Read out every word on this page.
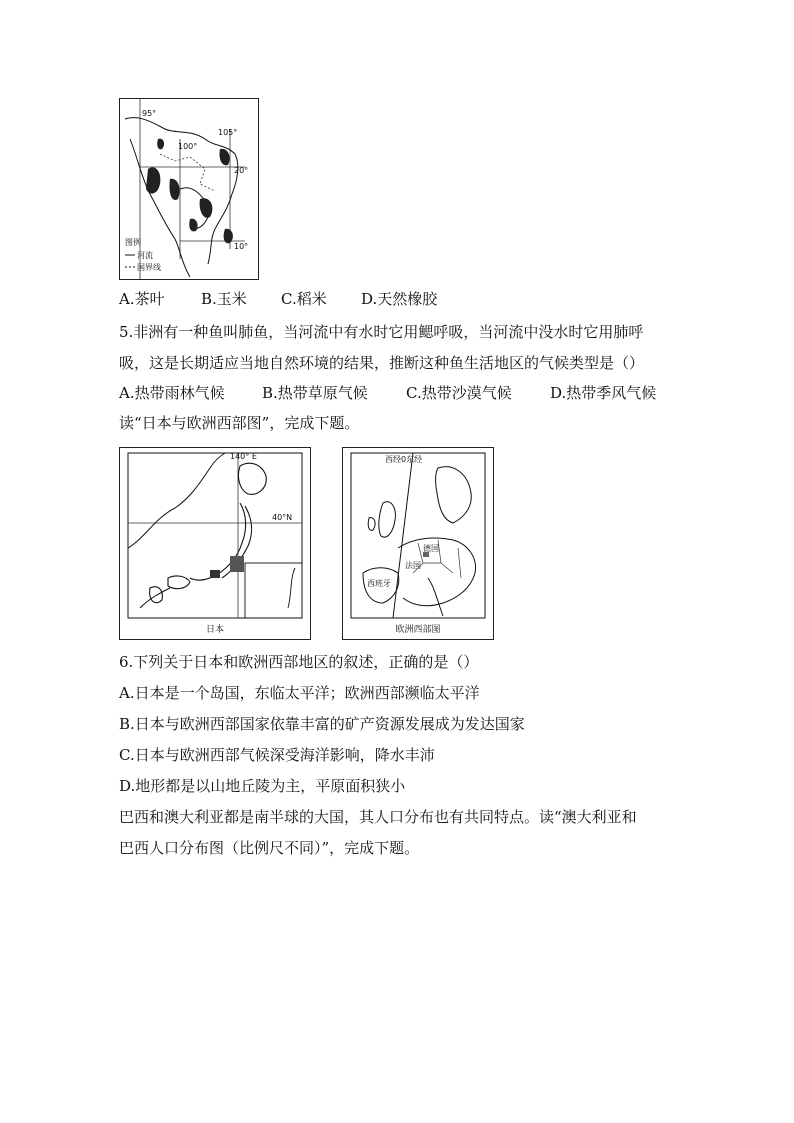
95°
100°
105°
20°
10°
图例
河流
国界线
A.茶叶 B.玉米 C.稻米 D.天然橡胶
5.非洲有一种鱼叫肺鱼，当河流中有水时它用鳃呼吸，当河流中没水时它用肺呼
吸，这是长期适应当地自然环境的结果，推断这种鱼生活地区的气候类型是（）
A.热带雨林气候 B.热带草原气候	C.热带沙漠气候	D.热带季风气候
读“日本与欧洲西部图”，完成下题。
140° E
40°N
日本
西经0东经
德国
法国
西班牙
欧洲西部图
6.下列关于日本和欧洲西部地区的叙述，正确的是（）
A.日本是一个岛国，东临太平洋；欧洲西部濒临太平洋
B.日本与欧洲西部国家依靠丰富的矿产资源发展成为发达国家
C.日本与欧洲西部气候深受海洋影响，降水丰沛
D.地形都是以山地丘陵为主，平原面积狭小
巴西和澳大利亚都是南半球的大国，其人口分布也有共同特点。读“澳大利亚和
巴西人口分布图（比例尺不同）”，完成下题。
